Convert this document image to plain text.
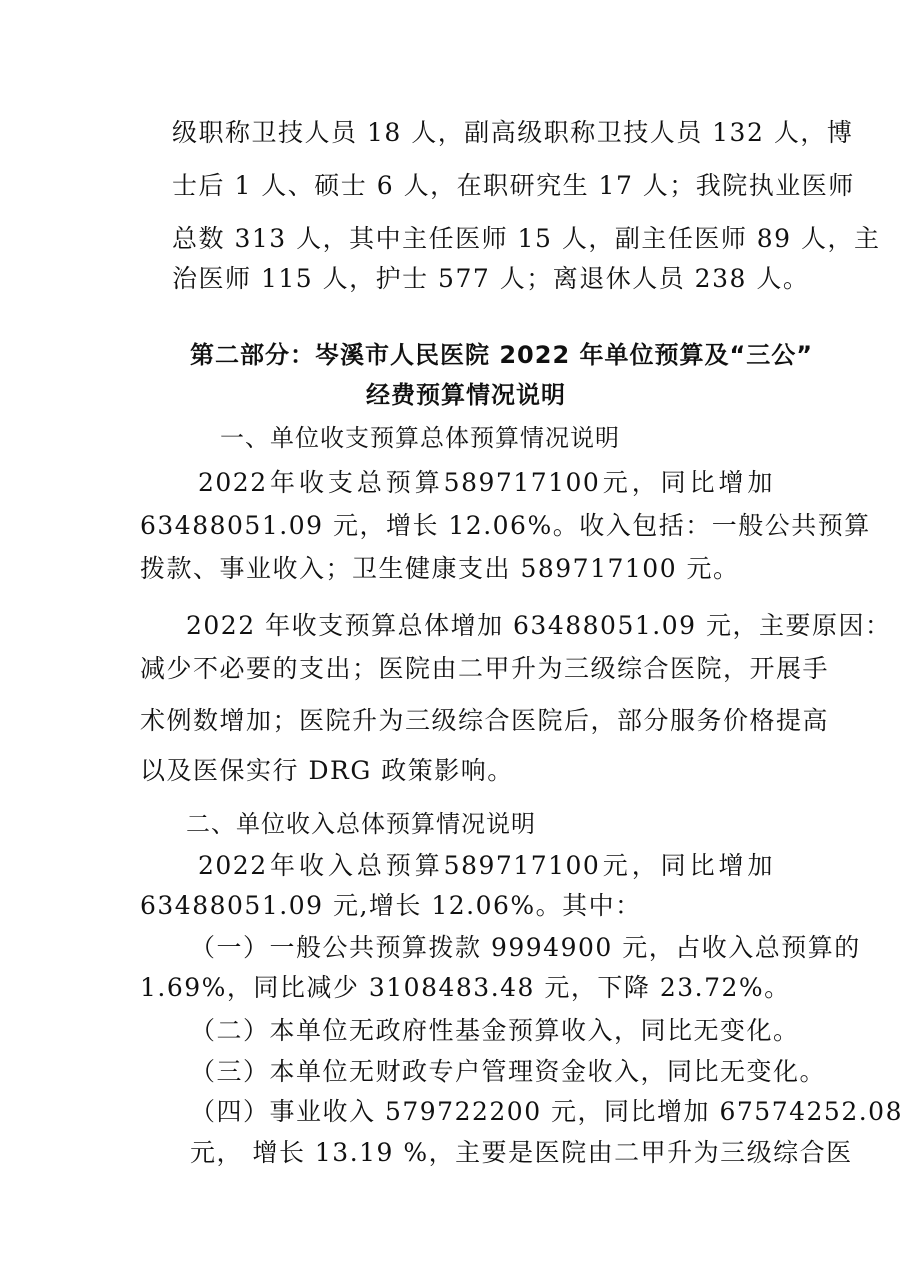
级职称卫技人员 18 人，副高级职称卫技人员 132 人，博
士后 1 人、硕士 6 人，在职研究生 17 人；我院执业医师
总数 313 人，其中主任医师 15 人，副主任医师 89 人，主
治医师 115 人，护士 577 人；离退休人员 238 人。
第二部分：岑溪市人民医院 2022 年单位预算及“三公”
经费预算情况说明
一、单位收支预算总体预算情况说明
2022 年 收 支 总 预 算 589717100 元 ， 同 比 增 加
63488051.09 元，增长 12.06%。收入包括：一般公共预算
拨款、事业收入；卫生健康支出 589717100 元。
2022 年收支预算总体增加 63488051.09 元，主要原因：
减少不必要的支出；医院由二甲升为三级综合医院，开展手
术例数增加；医院升为三级综合医院后，部分服务价格提高
以及医保实行 DRG 政策影响。
二、单位收入总体预算情况说明
2022 年 收 入 总 预 算 589717100 元 ， 同 比 增 加
63488051.09 元,增长 12.06%。其中：
（一）一般公共预算拨款 9994900 元，占收入总预算的
1.69%，同比减少 3108483.48 元，下降 23.72%。
（二）本单位无政府性基金预算收入，同比无变化。
（三）本单位无财政专户管理资金收入，同比无变化。
（四）事业收入 579722200 元，同比增加 67574252.08
元， 增长 13.19 %，主要是医院由二甲升为三级综合医
